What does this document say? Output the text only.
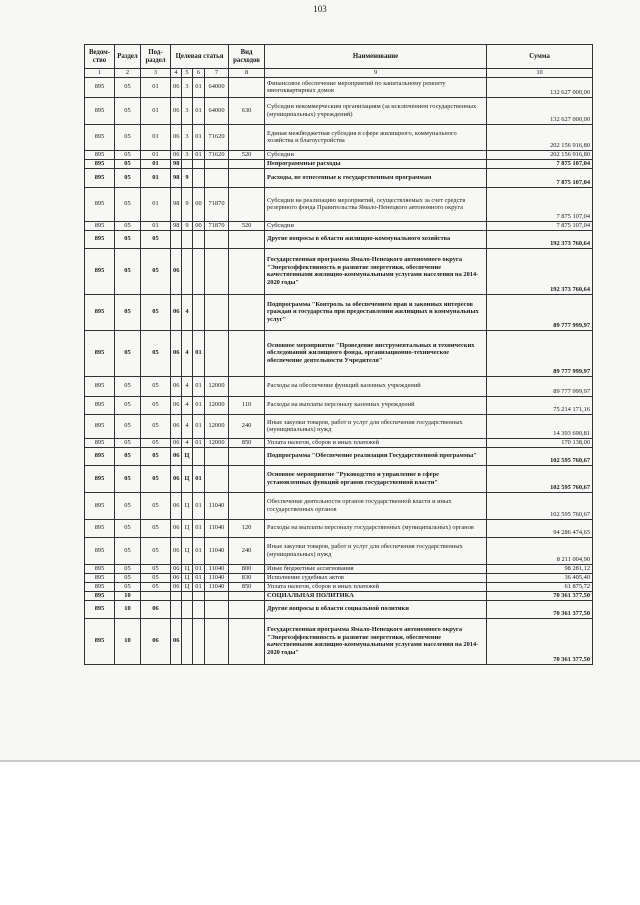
103
Ведом-ство	Раздел	Под-раздел	Целевая статья				Вид расходов	Наименование	Сумма
1	2	3	4	5	6	7	8	9	10
895	05	01	06	3	01	64000		Финансовое обеспечение мероприятий по капитальному ремонту многоквартирных домов	132 627 000,00
895	05	01	06	3	01	64000	630	Субсидии некоммерческим организациям (за исключением государственных (муниципальных) учреждений)	132 627 000,00
895	05	01	06	3	01	71620		Единая межбюджетная субсидия в сфере жилищного, коммунального хозяйства и благоустройства	202 156 916,80
895	05	01	06	3	01	71620	520	Субсидии	202 156 916,80
895	05	01	98					Непрограммные расходы	7 875 107,04
895	05	01	98	9				Расходы, не отнесенные к государственным программам	7 875 107,04
895	05	01	98	9	00	71870		Субсидии на реализацию мероприятий, осуществляемых за счет средств резервного фонда Правительства Ямало-Ненецкого автономного округа	7 875 107,04
895	05	01	98	9	00	71870	520	Субсидии	7 875 107,04
895	05	05						Другие вопросы в области жилищно-коммунального хозяйства	192 373 760,64
895	05	05	06					Государственная программа Ямало-Ненецкого автономного округа "Энергоэффективность и развитие энергетики, обеспечение качественными жилищно-коммунальными услугами населения на 2014-2020 годы"	192 373 760,64
895	05	05	06	4				Подпрограмма "Контроль за обеспечением прав и законных интересов граждан и государства при предоставлении жилищных и коммунальных услуг"	89 777 999,97
895	05	05	06	4	01			Основное мероприятие "Проведение инструментальных и технических обследований жилищного фонда, организационно-техническое обеспечение деятельности Учредителя"	89 777 999,97
895	05	05	06	4	01	12000		Расходы на обеспечение функций казенных учреждений	89 777 999,97
895	05	05	06	4	01	12000	110	Расходы на выплаты персоналу казенных учреждений	75 214 171,16
895	05	05	06	4	01	12000	240	Иные закупки товаров, работ и услуг для обеспечения государственных (муниципальных) нужд	14 393 690,81
895	05	05	06	4	01	12000	850	Уплата налогов, сборов и иных платежей	170 138,00
895	05	05	06	Ц				Подпрограмма "Обеспечение реализации Государственной программы"	102 595 760,67
895	05	05	06	Ц	01			Основное мероприятие "Руководство и управление в сфере установленных функций органов государственной власти"	102 595 760,67
895	05	05	06	Ц	01	11040		Обеспечение деятельности органов государственной власти и иных государственных органов	102 595 760,67
895	05	05	06	Ц	01	11040	120	Расходы на выплаты персоналу государственных (муниципальных) органов	94 286 474,65
895	05	05	06	Ц	01	11040	240	Иные закупки товаров, работ и услуг для обеспечения государственных (муниципальных) нужд	8 211 004,90
895	05	05	06	Ц	01	11040	800	Иные бюджетные ассигнования	98 281,12
895	05	05	06	Ц	01	11040	830	Исполнение судебных актов	36 405,40
895	05	05	06	Ц	01	11040	850	Уплата налогов, сборов и иных платежей	61 875,72
895	10							СОЦИАЛЬНАЯ ПОЛИТИКА	70 361 377,50
895	10	06						Другие вопросы в области социальной политики	70 361 377,50
895	10	06	06					Государственная программа Ямало-Ненецкого автономного округа "Энергоэффективность и развитие энергетики, обеспечение качественными жилищно-коммунальными услугами населения на 2014-2020 годы"	70 361 377,50
